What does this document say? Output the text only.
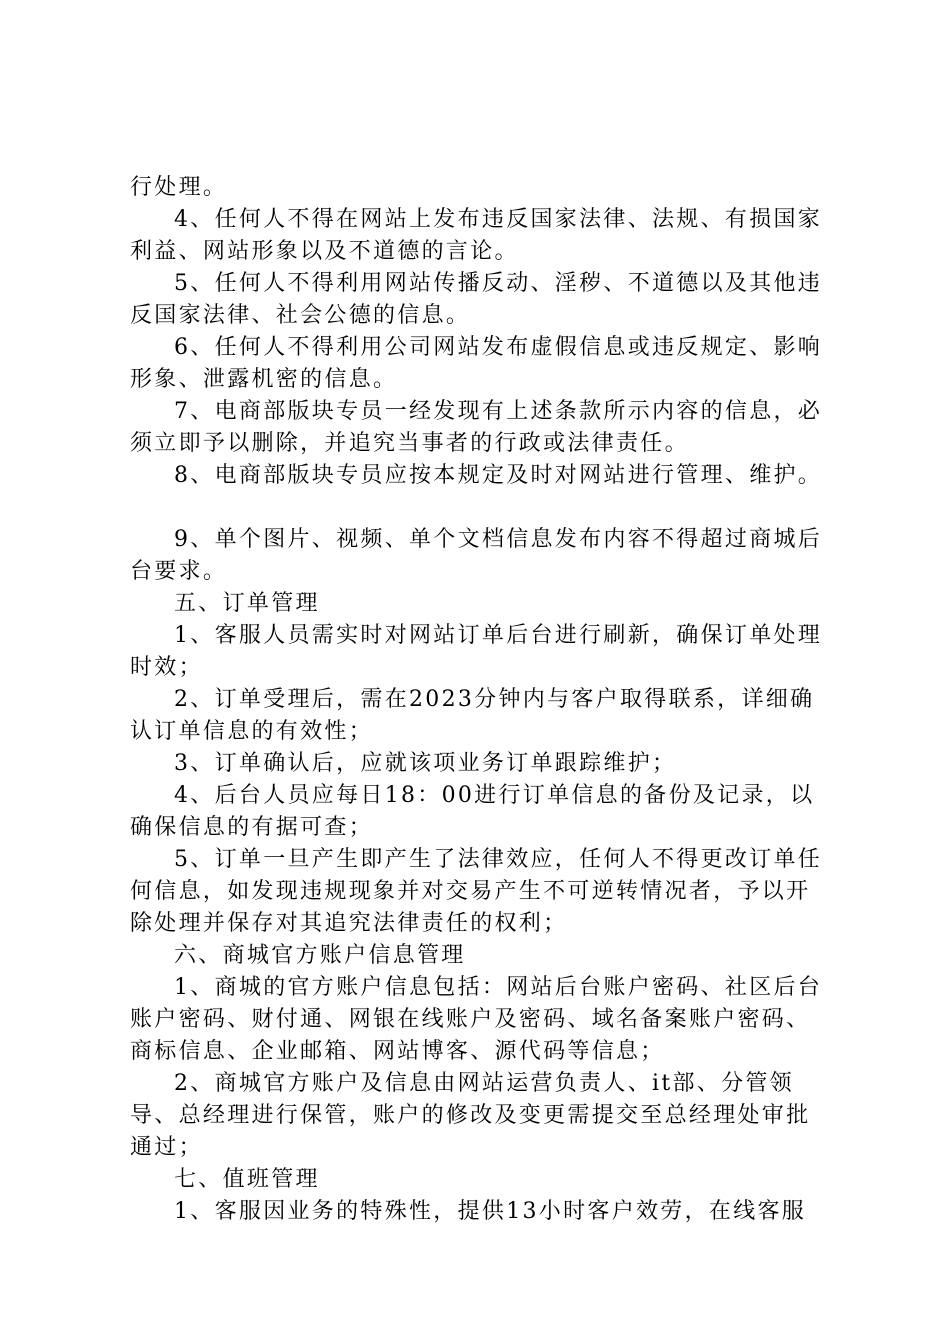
行处理。

4、任何人不得在网站上发布违反国家法律、法规、有损国家利益、网站形象以及不道德的言论。

5、任何人不得利用网站传播反动、淫秽、不道德以及其他违反国家法律、社会公德的信息。

6、任何人不得利用公司网站发布虚假信息或违反规定、影响形象、泄露机密的信息。

7、电商部版块专员一经发现有上述条款所示内容的信息，必须立即予以删除，并追究当事者的行政或法律责任。

8、电商部版块专员应按本规定及时对网站进行管理、维护。

9、单个图片、视频、单个文档信息发布内容不得超过商城后台要求。

五、订单管理

1、客服人员需实时对网站订单后台进行刷新，确保订单处理时效；

2、订单受理后，需在2023分钟内与客户取得联系，详细确认订单信息的有效性；

3、订单确认后，应就该项业务订单跟踪维护；

4、后台人员应每日18：00进行订单信息的备份及记录，以确保信息的有据可查；

5、订单一旦产生即产生了法律效应，任何人不得更改订单任何信息，如发现违规现象并对交易产生不可逆转情况者，予以开除处理并保存对其追究法律责任的权利；

六、商城官方账户信息管理

1、商城的官方账户信息包括：网站后台账户密码、社区后台账户密码、财付通、网银在线账户及密码、域名备案账户密码、商标信息、企业邮箱、网站博客、源代码等信息；

2、商城官方账户及信息由网站运营负责人、it部、分管领导、总经理进行保管，账户的修改及变更需提交至总经理处审批通过；

七、值班管理

1、客服因业务的特殊性，提供13小时客户效劳，在线客服
